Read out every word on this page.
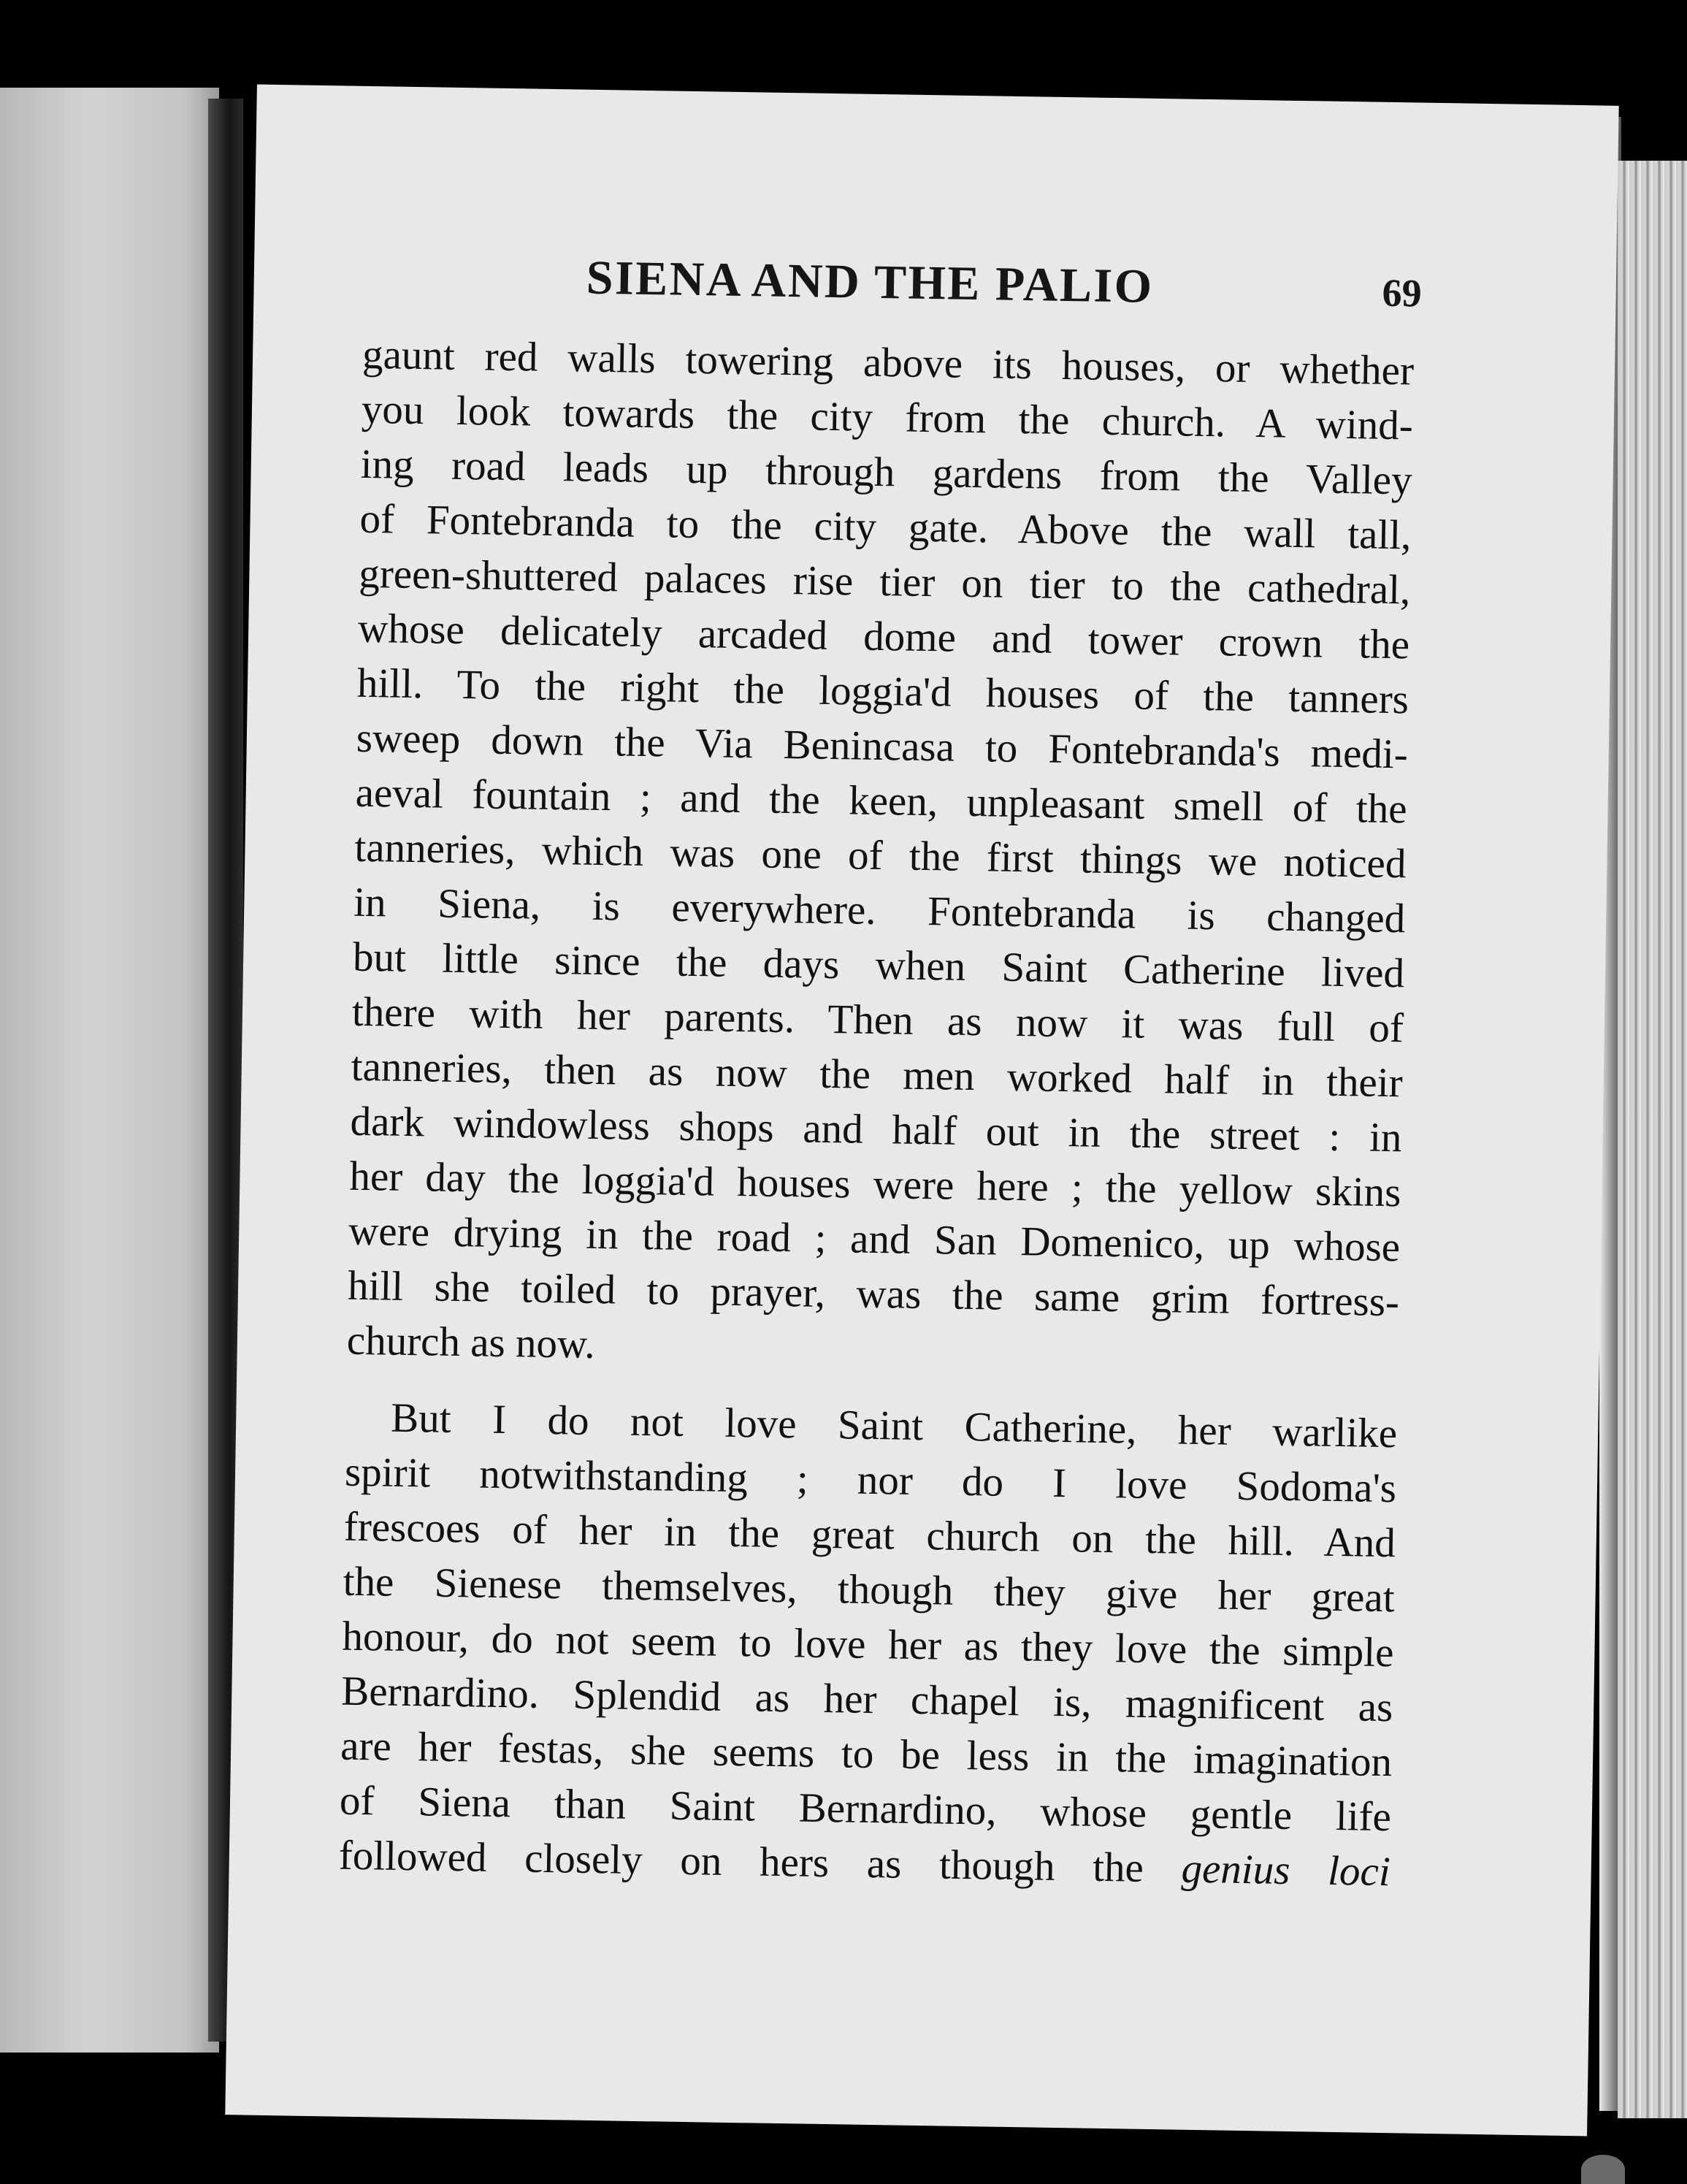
SIENA AND THE PALIO	69
gaunt red walls towering above its houses, or whether
you look towards the city from the church. A wind-
ing road leads up through gardens from the Valley
of Fontebranda to the city gate. Above the wall tall,
green-shuttered palaces rise tier on tier to the cathedral,
whose delicately arcaded dome and tower crown the
hill. To the right the loggia'd houses of the tanners
sweep down the Via Benincasa to Fontebranda's medi-
aeval fountain ; and the keen, unpleasant smell of the
tanneries, which was one of the first things we noticed
in Siena, is everywhere. Fontebranda is changed
but little since the days when Saint Catherine lived
there with her parents. Then as now it was full of
tanneries, then as now the men worked half in their
dark windowless shops and half out in the street : in
her day the loggia'd houses were here ; the yellow skins
were drying in the road ; and San Domenico, up whose
hill she toiled to prayer, was the same grim fortress-
church as now.
But I do not love Saint Catherine, her warlike
spirit notwithstanding ; nor do I love Sodoma's
frescoes of her in the great church on the hill. And
the Sienese themselves, though they give her great
honour, do not seem to love her as they love the simple
Bernardino. Splendid as her chapel is, magnificent as
are her festas, she seems to be less in the imagination
of Siena than Saint Bernardino, whose gentle life
followed closely on hers as though the genius loci
